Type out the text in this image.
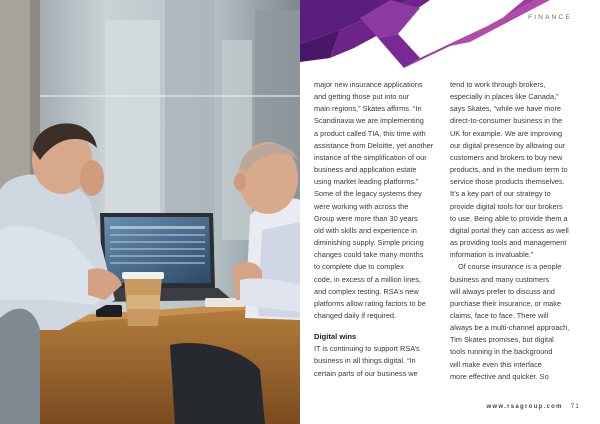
FINANCE

major new insurance applications

and getting those put into our

main regions,” Skates affirms. “In

Scandinavia we are implementing

a product called TIA, this time with

assistance from Deloitte, yet another

instance of the simplification of our

business and application estate

using market leading platforms.”

Some of the legacy systems they

were working with across the

Group were more than 30 years

old with skills and experience in

diminishing supply. Simple pricing

changes could take many months

to complete due to complex

code, in excess of a million lines,

and complex testing. RSA’s new

platforms allow rating factors to be

changed daily if required.

Digital wins

IT is continuing to support RSA’s

business in all things digital. “In

certain parts of our business we

tend to work through brokers,

especially in places like Canada,”

says Skates, “while we have more

direct-to-consumer business in the

UK for example. We are improving

our digital presence by allowing our

customers and brokers to buy new

products, and in the medium term to

service those products themselves.

It’s a key part of our strategy to

provide digital tools for our brokers

to use. Being able to provide them a

digital portal they can access as well

as providing tools and management

information is invaluable.”

Of course insurance is a people

business and many customers

will always prefer to discuss and

purchase their insurance, or make

claims, face to face. There will

always be a multi-channel approach,

Tim Skates promises, but digital

tools running in the background

will make even this interface

more effective and quicker. So

www.rsagroup.com 71
